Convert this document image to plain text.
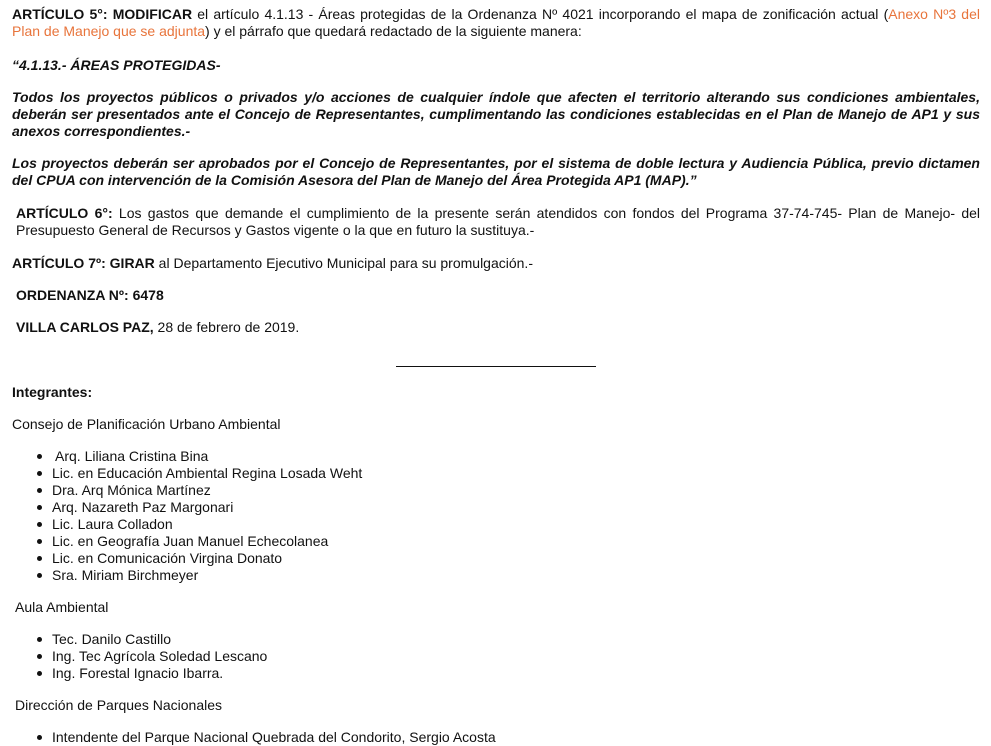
ARTÍCULO 5°: MODIFICAR el artículo 4.1.13 - Áreas protegidas de la Ordenanza Nº 4021 incorporando el mapa de zonificación actual (Anexo Nº3 del Plan de Manejo que se adjunta) y el párrafo que quedará redactado de la siguiente manera:

“4.1.13.- ÁREAS PROTEGIDAS-

Todos los proyectos públicos o privados y/o acciones de cualquier índole que afecten el territorio alterando sus condiciones ambientales, deberán ser presentados ante el Concejo de Representantes, cumplimentando las condiciones establecidas en el Plan de Manejo de AP1 y sus anexos correspondientes.-

Los proyectos deberán ser aprobados por el Concejo de Representantes, por el sistema de doble lectura y Audiencia Pública, previo dictamen del CPUA con intervención de la Comisión Asesora del Plan de Manejo del Área Protegida AP1 (MAP).”

ARTÍCULO 6°: Los gastos que demande el cumplimiento de la presente serán atendidos con fondos del Programa 37-74-745- Plan de Manejo- del Presupuesto General de Recursos y Gastos vigente o la que en futuro la sustituya.-

ARTÍCULO 7º: GIRAR al Departamento Ejecutivo Municipal para su promulgación.-

ORDENANZA Nº: 6478

VILLA CARLOS PAZ, 28 de febrero de 2019.

Integrantes:

Consejo de Planificación Urbano Ambiental

Arq. Liliana Cristina Bina
Lic. en Educación Ambiental Regina Losada Weht
Dra. Arq Mónica Martínez
Arq. Nazareth Paz Margonari
Lic. Laura Colladon
Lic. en Geografía Juan Manuel Echecolanea
Lic. en Comunicación Virgina Donato
Sra. Miriam Birchmeyer

Aula Ambiental

Tec. Danilo Castillo
Ing. Tec Agrícola Soledad Lescano
Ing. Forestal Ignacio Ibarra.

Dirección de Parques Nacionales

Intendente del Parque Nacional Quebrada del Condorito, Sergio Acosta
